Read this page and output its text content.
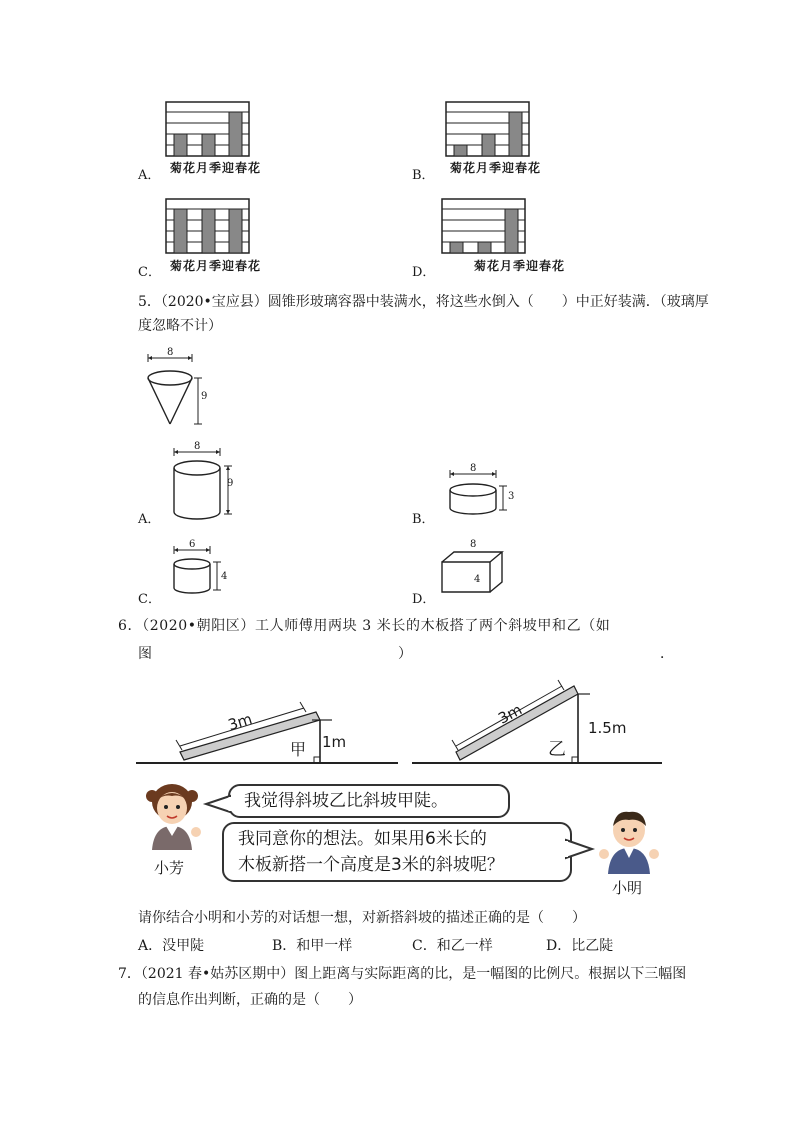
菊花月季迎春花
A．	菊花月季迎春花
B．
菊花月季迎春花
C．	菊花月季迎春花
D．
5．（2020•宝应县）圆锥形玻璃容器中装满水，将这些水倒入（　　）中正好装满．（玻璃厚
度忽略不计）
8
9
8
9
A．
8
3
B．
6
4
C．
8
4
D．
6．（2020•朝阳区）工人师傅用两块 3 米长的木板搭了两个斜坡甲和乙（如
图	）	．
3m
1m
甲
3m
1.5m
乙
小芳
我觉得斜坡乙比斜坡甲陡。
我同意你的想法。如果用6米长的
木板新搭一个高度是3米的斜坡呢？
小明
请你结合小明和小芳的对话想一想，对新搭斜坡的描述正确的是（　　）
A．没甲陡	B．和甲一样	C．和乙一样	D．比乙陡
7．（2021 春•姑苏区期中）图上距离与实际距离的比，是一幅图的比例尺。根据以下三幅图
的信息作出判断，正确的是（　　）
